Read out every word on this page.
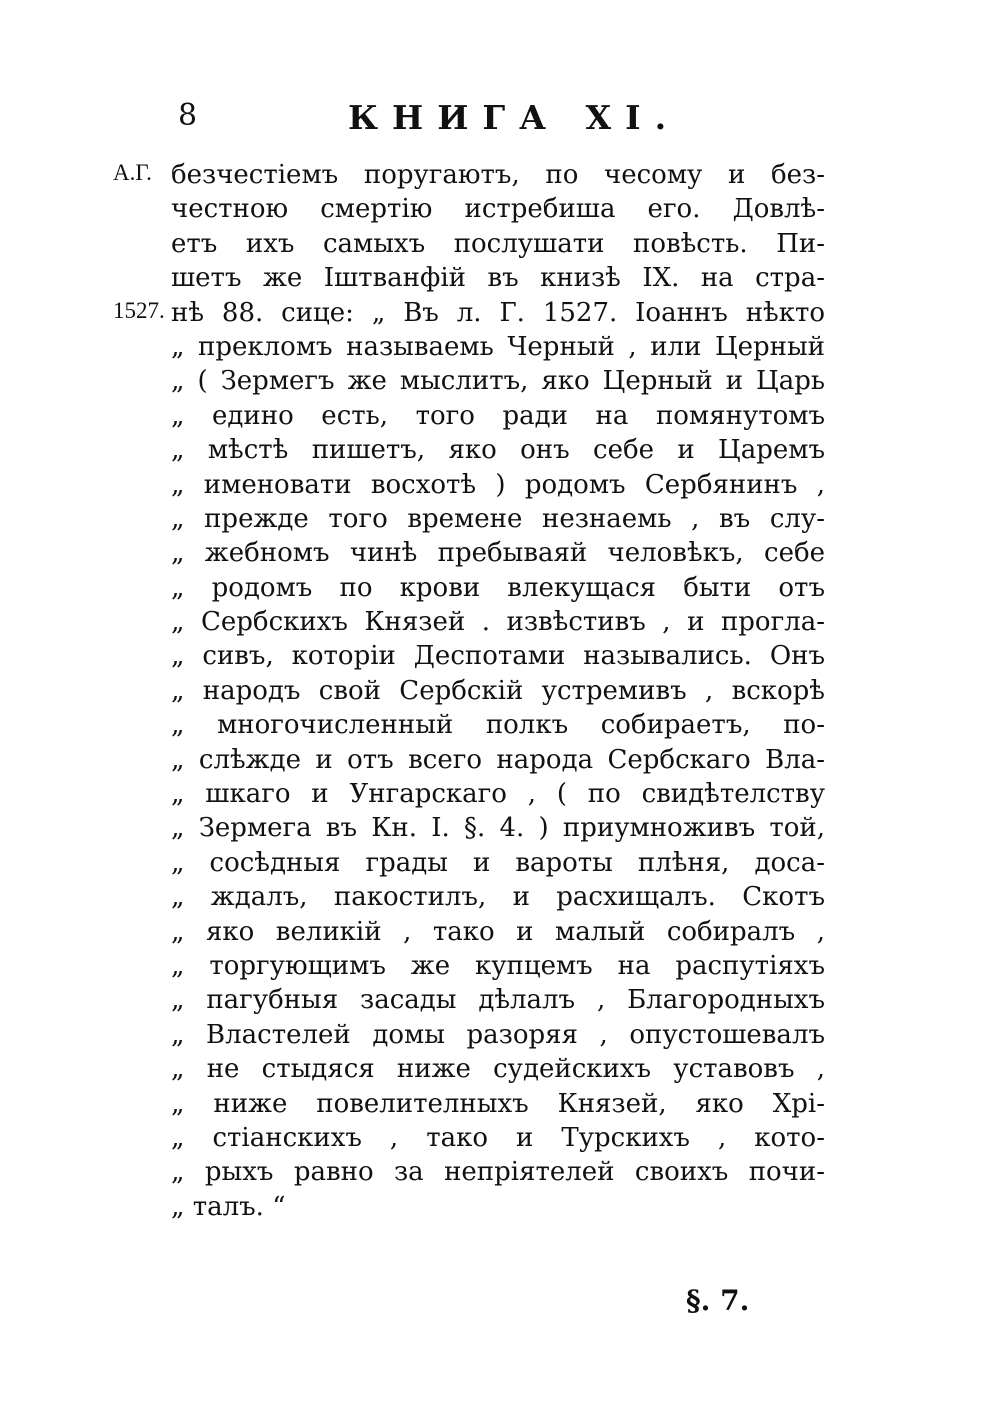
8	КНИГА XI.
А.Г.
1527.
безчестіемъ поругаютъ, по чесому и без-
честною смертію истребиша его. Довлѣ-
етъ ихъ самыхъ послушати повѣсть. Пи-
шетъ же Іштванфій въ книзѣ IX. на стра-
нѣ 88. сице: „ Въ л. Г. 1527. Іоаннъ нѣкто
„ прекломъ называемь Черный , или Церный
„ ( Зермегъ же мыслитъ, яко Церный и Царь
„ едино есть, того ради на помянутомъ
„ мѣстѣ пишетъ, яко онъ себе и Царемъ
„ именовати восхотѣ ) родомъ Сербянинъ ,
„ прежде того времене незнаемь , въ слу-
„ жебномъ чинѣ пребываяй человѣкъ, себе
„ родомъ по крови влекущася быти отъ
„ Сербскихъ Князей . извѣстивъ , и прогла-
„ сивъ, которіи Деспотами назывались. Онъ
„ народъ свой Сербскій устремивъ , вскорѣ
„ многочисленный полкъ собираетъ, по-
„ слѣжде и отъ всего народа Сербскаго Вла-
„ шкаго и Унгарскаго , ( по свидѣтелству
„ Зермега въ Кн. I. §. 4. ) приумноживъ той,
„ сосѣдныя грады и вароты плѣня, доса-
„ ждалъ, пакостилъ, и расхищалъ. Скотъ
„ яко великій , тако и малый собиралъ ,
„ торгующимъ же купцемъ на распутіяхъ
„ пагубныя засады дѣлалъ , Благородныхъ
„ Властелей домы разоряя , опустошевалъ
„ не стыдяся ниже судейскихъ уставовъ ,
„ ниже повелителныхъ Князей, яко Хрі-
„ стіанскихъ , тако и Турскихъ , кото-
„ рыхъ равно за непріятелей своихъ почи-
„ талъ. “
§. 7.
